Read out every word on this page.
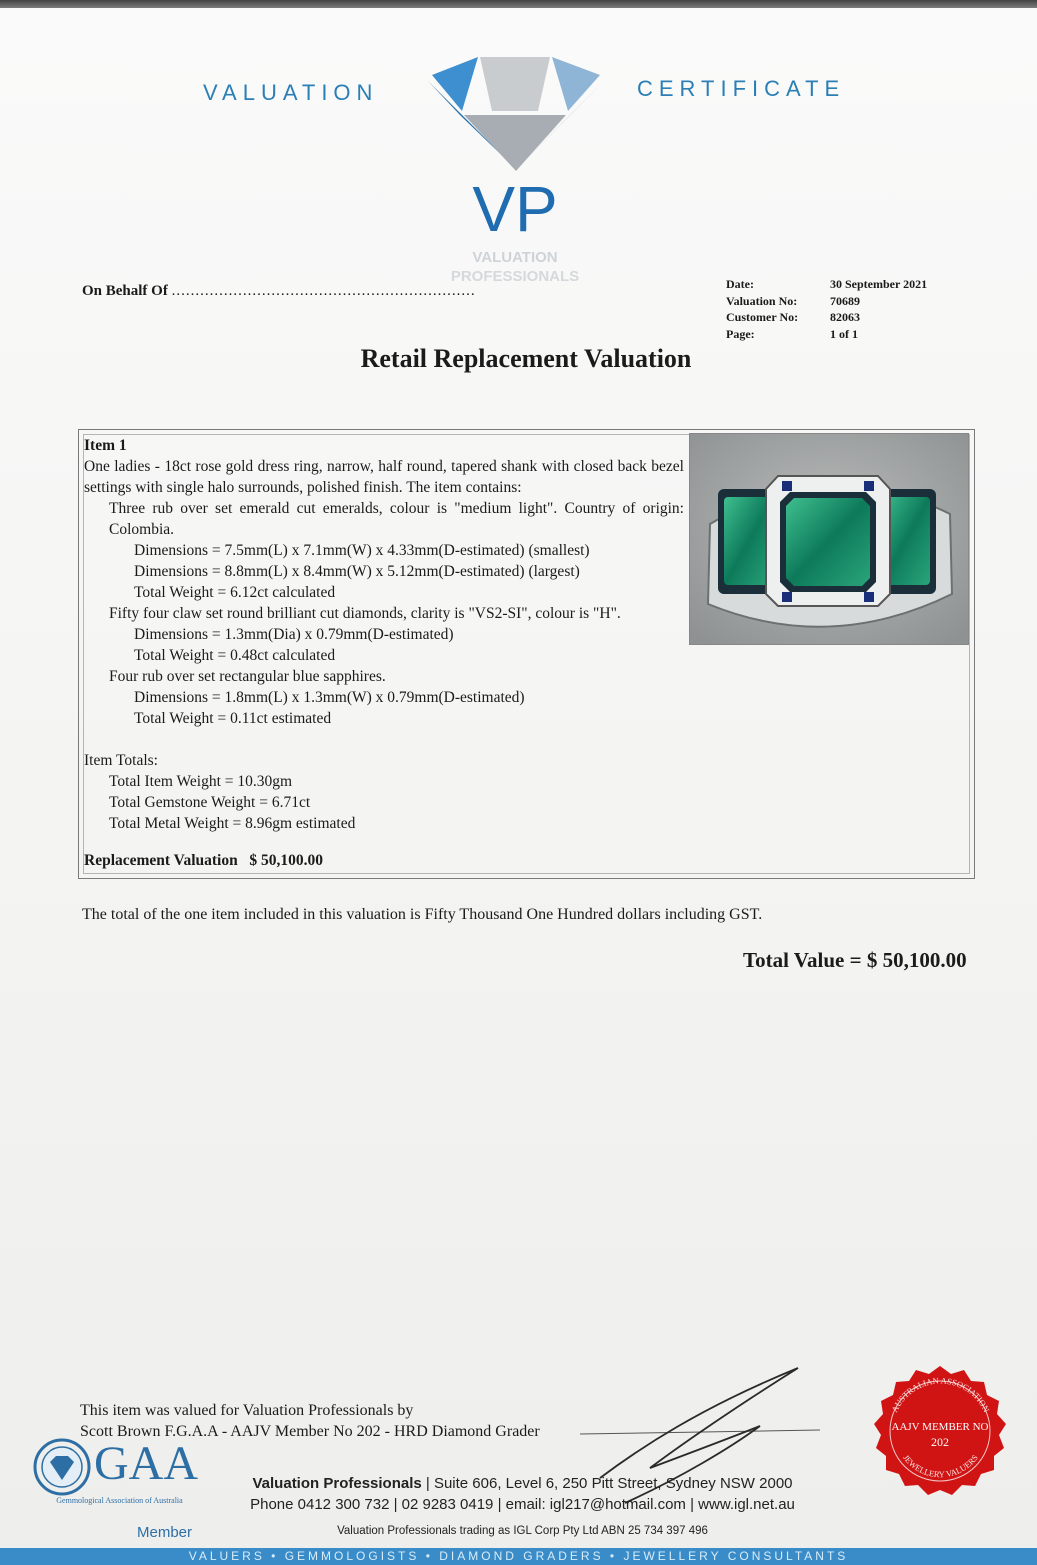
VALUATION	CERTIFICATE
VP
VALUATION
PROFESSIONALS
On Behalf Of ................................................................	Date:	30 September 2021
Valuation No:	70689
Customer No:	82063
Page:	1 of 1
Retail Replacement Valuation
Item 1
One ladies - 18ct rose gold dress ring, narrow, half round, tapered shank with closed back bezel settings with single halo surrounds, polished finish. The item contains:
Three rub over set emerald cut emeralds, colour is "medium light". Country of origin: Colombia.
Dimensions = 7.5mm(L) x 7.1mm(W) x 4.33mm(D-estimated) (smallest)
Dimensions = 8.8mm(L) x 8.4mm(W) x 5.12mm(D-estimated) (largest)
Total Weight = 6.12ct calculated
Fifty four claw set round brilliant cut diamonds, clarity is "VS2-SI", colour is "H".
Dimensions = 1.3mm(Dia) x 0.79mm(D-estimated)
Total Weight = 0.48ct calculated
Four rub over set rectangular blue sapphires.
Dimensions = 1.8mm(L) x 1.3mm(W) x 0.79mm(D-estimated)
Total Weight = 0.11ct estimated
Item Totals:
Total Item Weight = 10.30gm
Total Gemstone Weight = 6.71ct
Total Metal Weight = 8.96gm estimated
Replacement Valuation $ 50,100.00
The total of the one item included in this valuation is Fifty Thousand One Hundred dollars including GST.
Total Value = $ 50,100.00
This item was valued for Valuation Professionals by
Scott Brown F.G.A.A - AAJV Member No 202 - HRD Diamond Grader
GAA
Gemmological Association of Australia
Member
Valuation Professionals | Suite 606, Level 6, 250 Pitt Street, Sydney NSW 2000
Phone 0412 300 732 | 02 9283 0419 | email: igl217@hotmail.com | www.igl.net.au
Valuation Professionals trading as IGL Corp Pty Ltd ABN 25 734 397 496
AUSTRALIAN ASSOCIATION
AAJV MEMBER NO
202
JEWELLERY VALUERS
VALUERS • GEMMOLOGISTS • DIAMOND GRADERS • JEWELLERY CONSULTANTS
